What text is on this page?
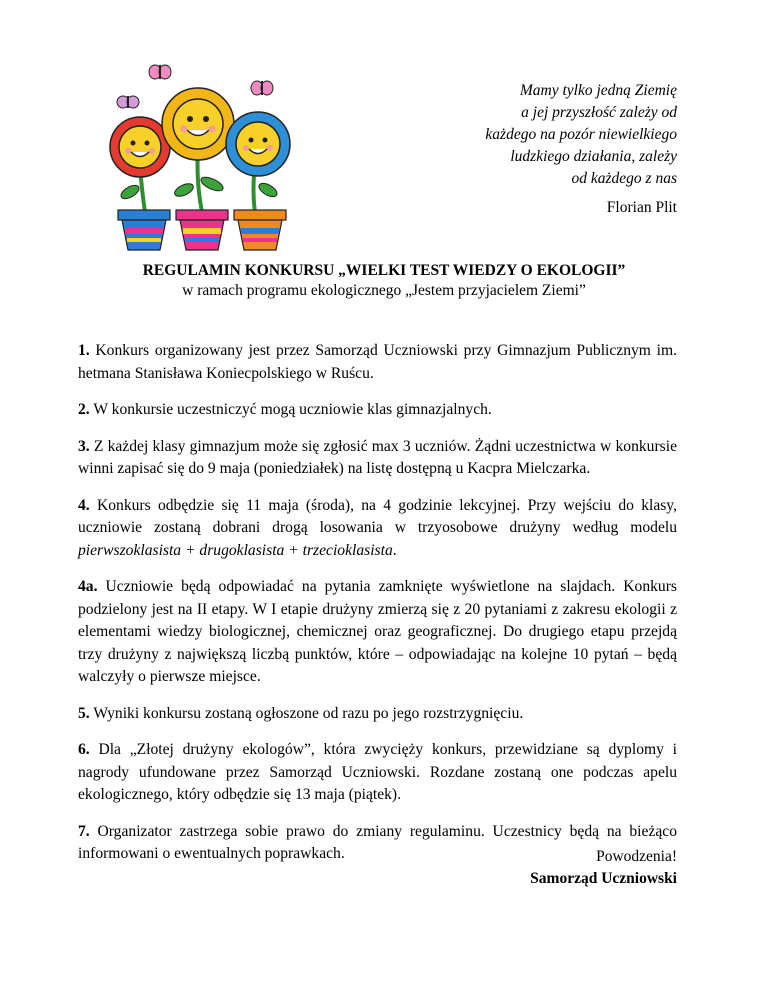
Mamy tylko jedną Ziemię
a jej przyszłość zależy od
każdego na pozór niewielkiego
ludzkiego działania, zależy
od każdego z nas
Florian Plit
REGULAMIN KONKURSU „WIELKI TEST WIEDZY O EKOLOGII”
w ramach programu ekologicznego „Jestem przyjacielem Ziemi”

1. Konkurs organizowany jest przez Samorząd Uczniowski przy Gimnazjum Publicznym im. hetmana Stanisława Koniecpolskiego w Ruścu.

2. W konkursie uczestniczyć mogą uczniowie klas gimnazjalnych.

3. Z każdej klasy gimnazjum może się zgłosić max 3 uczniów. Żądni uczestnictwa w konkursie winni zapisać się do 9 maja (poniedziałek) na listę dostępną u Kacpra Mielczarka.

4. Konkurs odbędzie się 11 maja (środa), na 4 godzinie lekcyjnej. Przy wejściu do klasy, uczniowie zostaną dobrani drogą losowania w trzyosobowe drużyny według modelu pierwszoklasista + drugoklasista + trzecioklasista.

4a. Uczniowie będą odpowiadać na pytania zamknięte wyświetlone na slajdach. Konkurs podzielony jest na II etapy. W I etapie drużyny zmierzą się z 20 pytaniami z zakresu ekologii z elementami wiedzy biologicznej, chemicznej oraz geograficznej. Do drugiego etapu przejdą trzy drużyny z największą liczbą punktów, które – odpowiadając na kolejne 10 pytań – będą walczyły o pierwsze miejsce.

5. Wyniki konkursu zostaną ogłoszone od razu po jego rozstrzygnięciu.

6. Dla „Złotej drużyny ekologów”, która zwycięży konkurs, przewidziane są dyplomy i nagrody ufundowane przez Samorząd Uczniowski. Rozdane zostaną one podczas apelu ekologicznego, który odbędzie się 13 maja (piątek).

7. Organizator zastrzega sobie prawo do zmiany regulaminu. Uczestnicy będą na bieżąco informowani o ewentualnych poprawkach.	Powodzenia!
Samorząd Uczniowski
